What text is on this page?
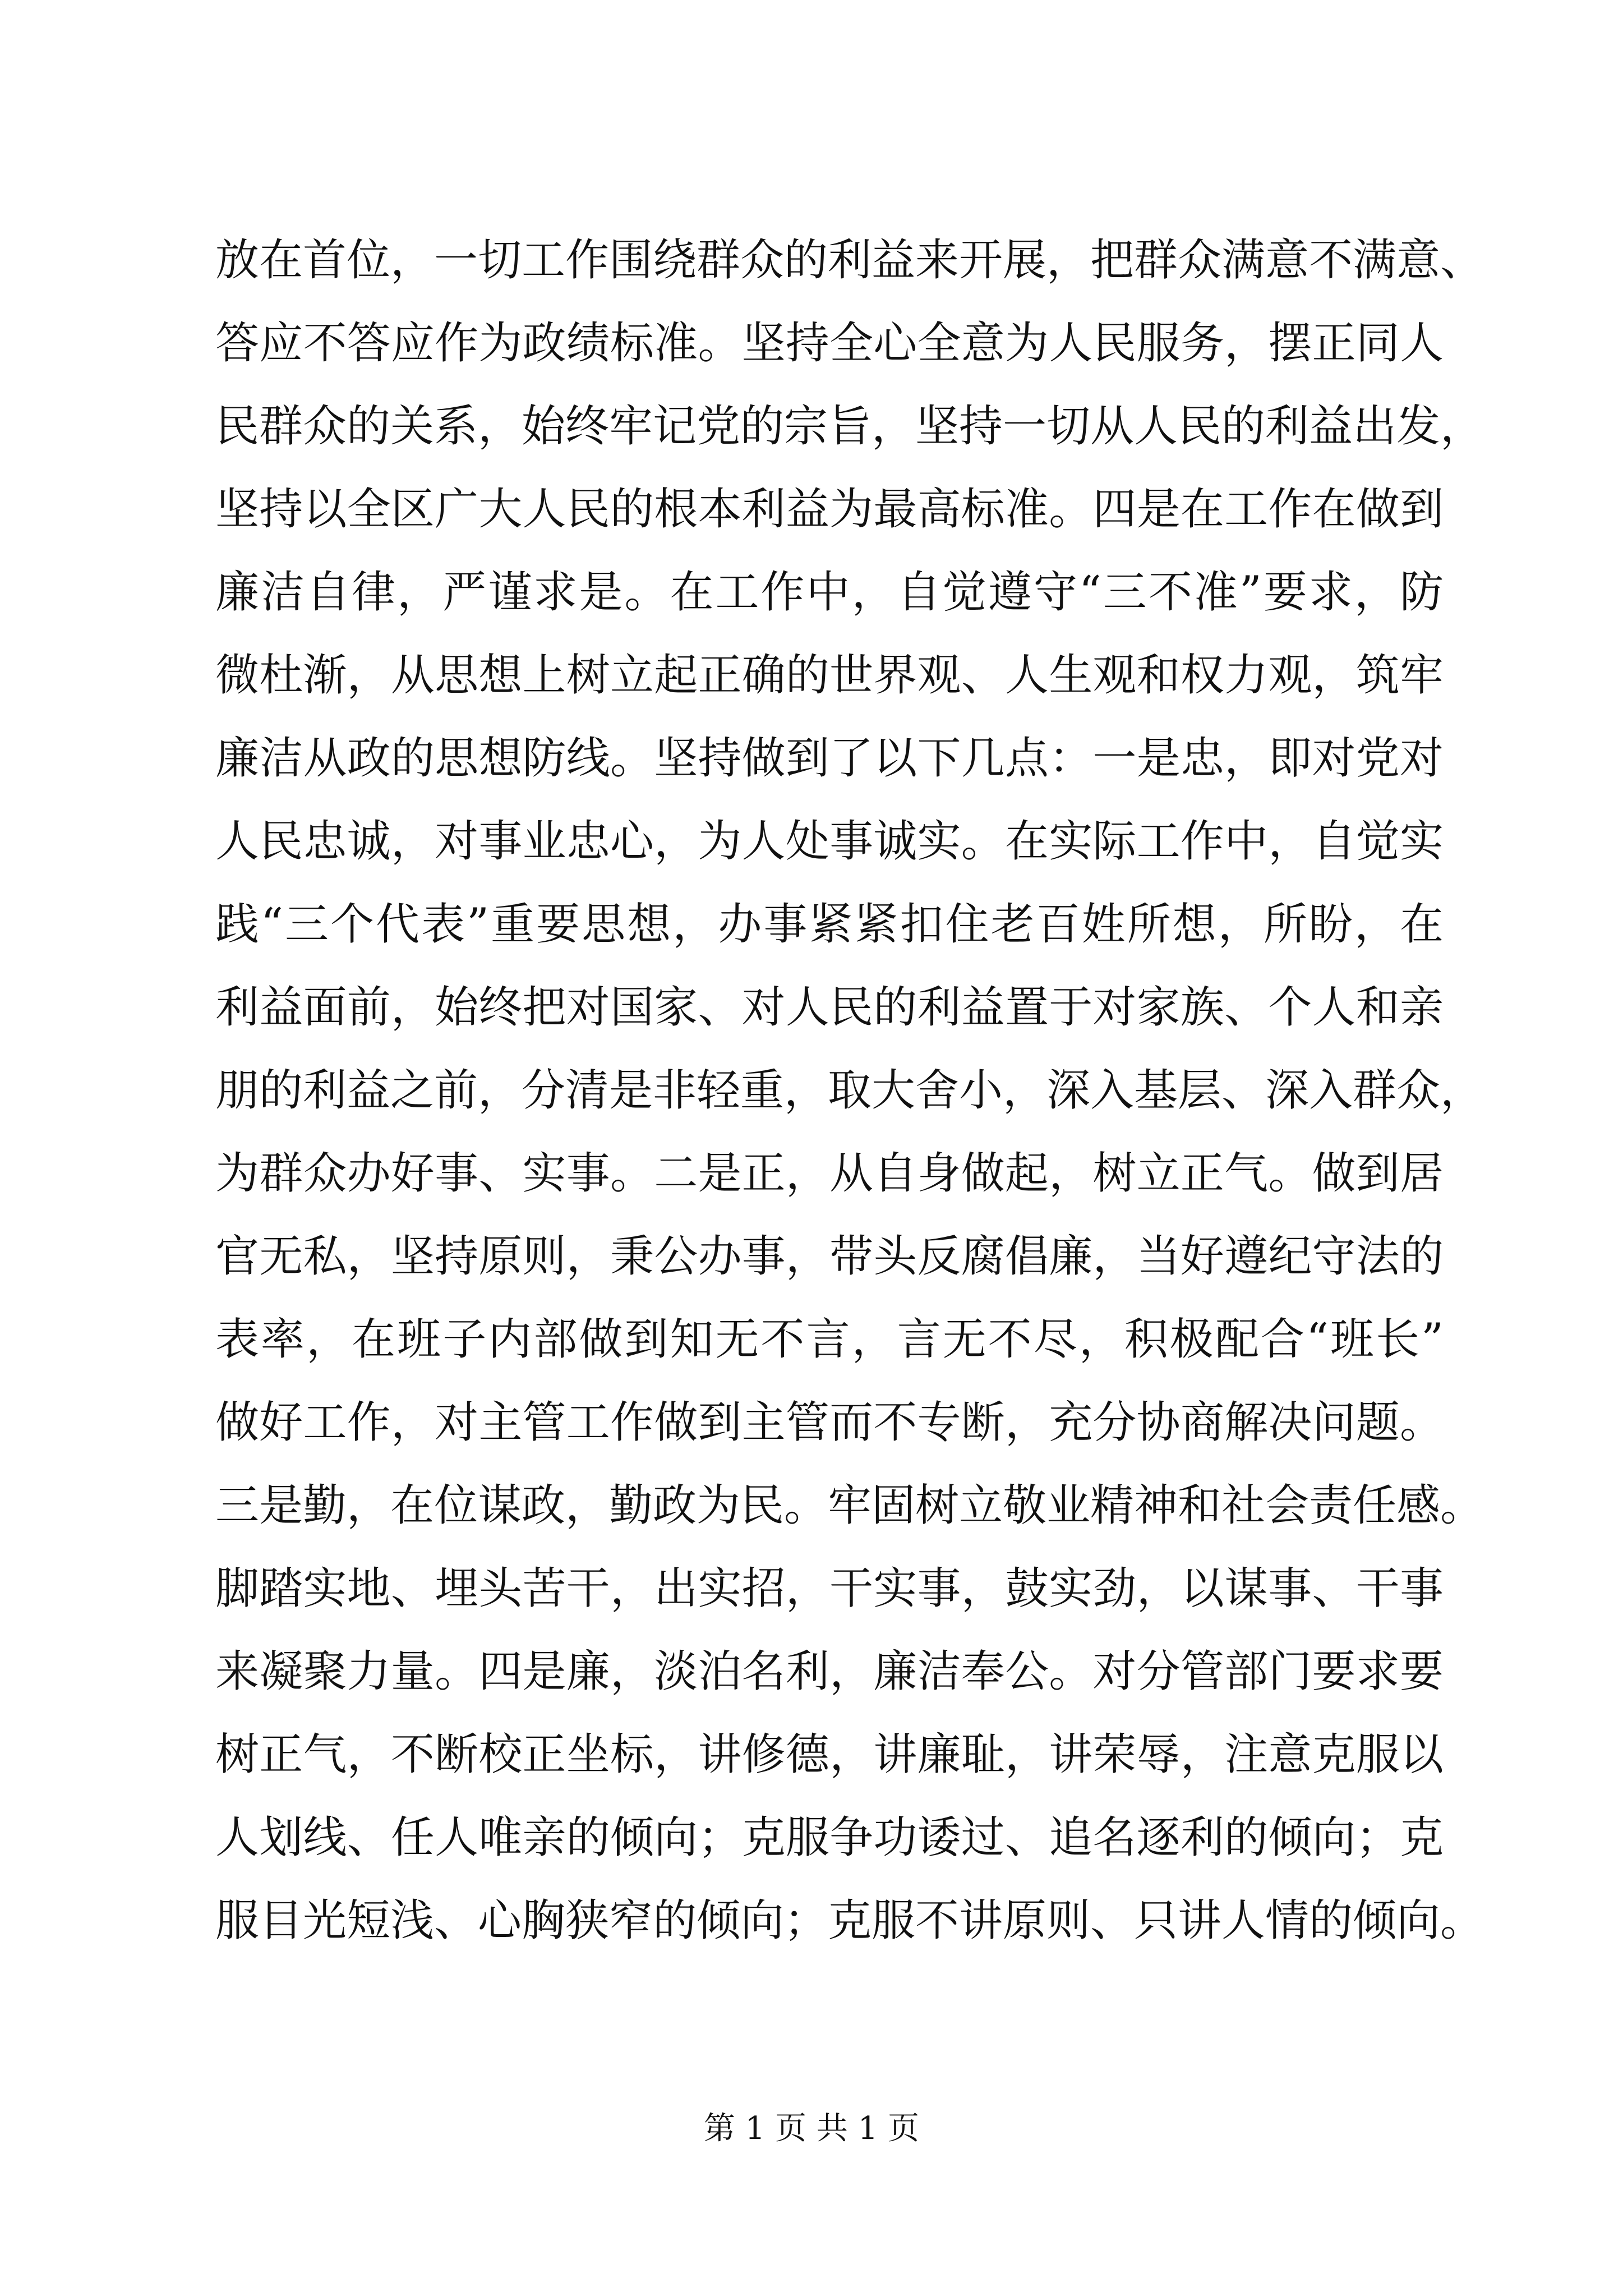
放在首位，一切工作围绕群众的利益来开展，把群众满意不满意、
答应不答应作为政绩标准。坚持全心全意为人民服务，摆正同人
民群众的关系，始终牢记党的宗旨，坚持一切从人民的利益出发，
坚持以全区广大人民的根本利益为最高标准。四是在工作在做到
廉洁自律，严谨求是。在工作中，自觉遵守“三不准”要求，防
微杜渐，从思想上树立起正确的世界观、人生观和权力观，筑牢
廉洁从政的思想防线。坚持做到了以下几点：一是忠，即对党对
人民忠诚，对事业忠心，为人处事诚实。在实际工作中，自觉实
践“三个代表”重要思想，办事紧紧扣住老百姓所想，所盼，在
利益面前，始终把对国家、对人民的利益置于对家族、个人和亲
朋的利益之前，分清是非轻重，取大舍小，深入基层、深入群众，
为群众办好事、实事。二是正，从自身做起，树立正气。做到居
官无私，坚持原则，秉公办事，带头反腐倡廉，当好遵纪守法的
表率，在班子内部做到知无不言，言无不尽，积极配合“班长”
做好工作，对主管工作做到主管而不专断，充分协商解决问题。
三是勤，在位谋政，勤政为民。牢固树立敬业精神和社会责任感。
脚踏实地、埋头苦干，出实招，干实事，鼓实劲，以谋事、干事
来凝聚力量。四是廉，淡泊名利，廉洁奉公。对分管部门要求要
树正气，不断校正坐标，讲修德，讲廉耻，讲荣辱，注意克服以
人划线、任人唯亲的倾向；克服争功诿过、追名逐利的倾向；克
服目光短浅、心胸狭窄的倾向；克服不讲原则、只讲人情的倾向。
第 1 页 共 1 页
